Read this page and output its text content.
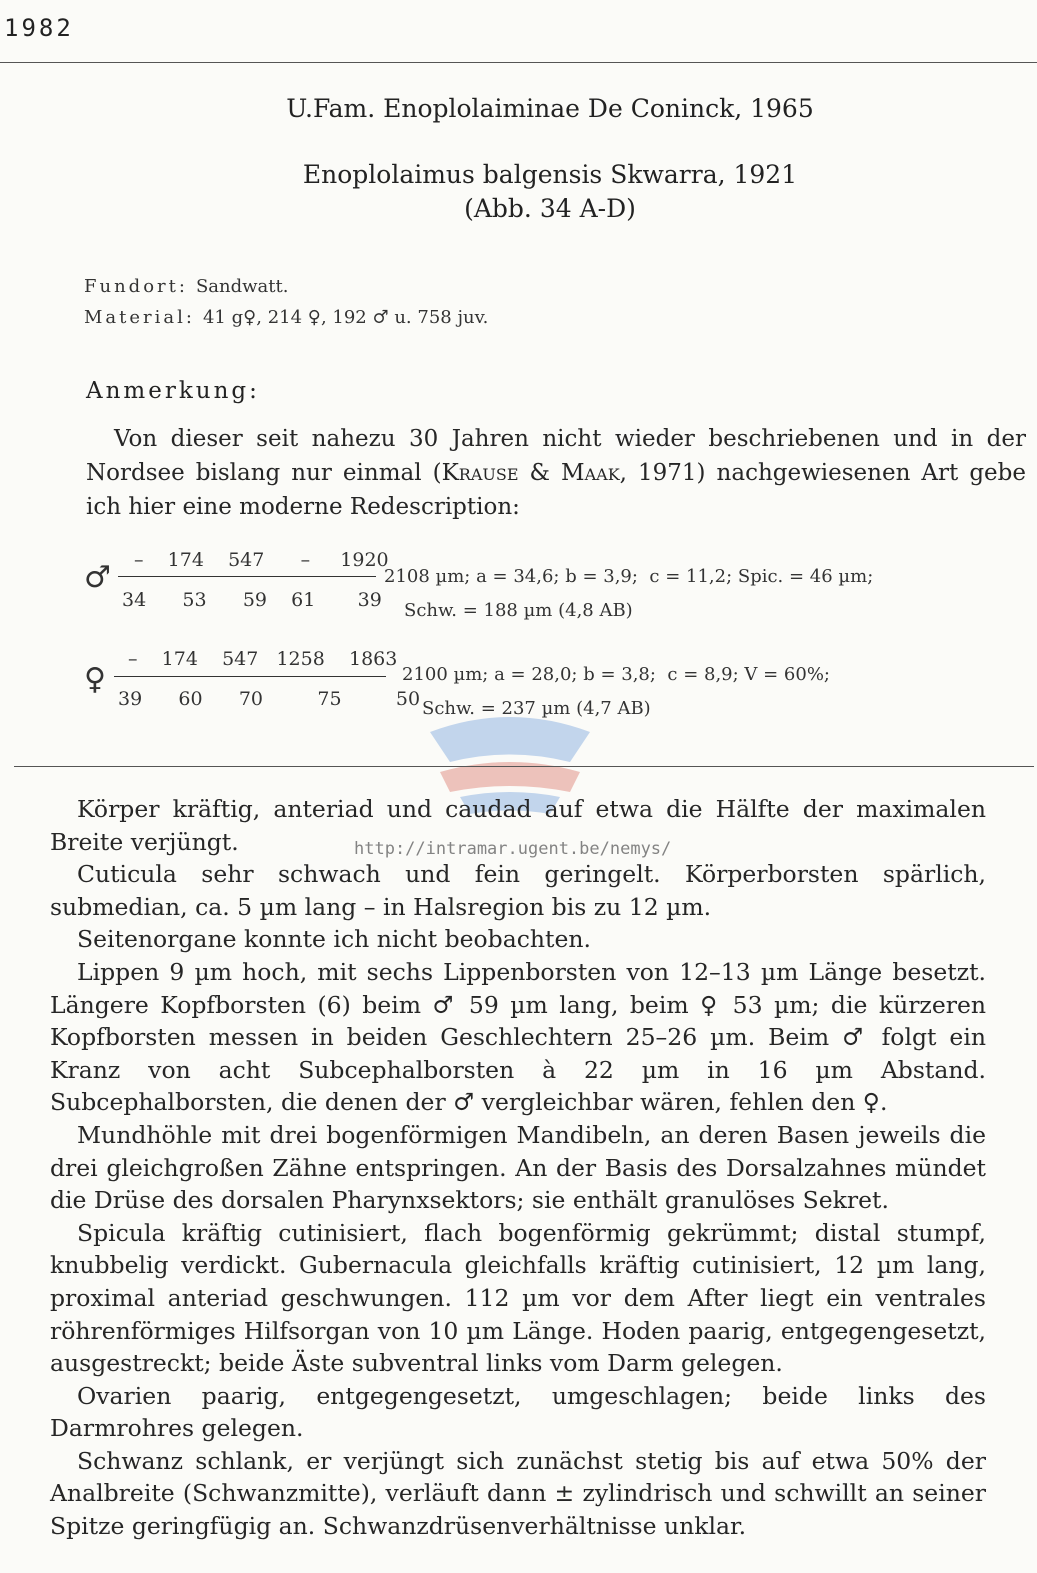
1982
U.Fam. Enoplolaiminae De Coninck, 1965
Enoplolaimus balgensis Skwarra, 1921
(Abb. 34 A-D)
Fundort: Sandwatt.
Material: 41 g♀, 214 ♀, 192 ♂ u. 758 juv.
Anmerkung:
Von dieser seit nahezu 30 Jahren nicht wieder beschriebenen und in der Nordsee bislang nur einmal (Krause & Maak, 1971) nachgewiesenen Art gebe ich hier eine moderne Redescription:
♂ –    174    547      –     1920
34      53      59    61       39
2108 µm; a = 34,6; b = 3,9;  c = 11,2; Spic. = 46 µm;
Schw. = 188 µm (4,8 AB)
♀
–    174    547   1258    1863
39      60      70         75         50
2100 µm; a = 28,0; b = 3,8;  c = 8,9; V = 60%;
Schw. = 237 µm (4,7 AB)

Körper kräftig, anteriad und caudad auf etwa die Hälfte der maximalen Breite verjüngt.

Cuticula sehr schwach und fein geringelt. Körperborsten spärlich, submedian, ca. 5 µm lang – in Halsregion bis zu 12 µm.

Seitenorgane konnte ich nicht beobachten.

Lippen 9 µm hoch, mit sechs Lippenborsten von 12–13 µm Länge besetzt. Längere Kopfborsten (6) beim ♂ 59 µm lang, beim ♀ 53 µm; die kürzeren Kopfborsten messen in beiden Geschlechtern 25–26 µm. Beim ♂ folgt ein Kranz von acht Subcephalborsten à 22 µm in 16 µm Abstand. Subcephalborsten, die denen der ♂ vergleichbar wären, fehlen den ♀.

Mundhöhle mit drei bogenförmigen Mandibeln, an deren Basen jeweils die drei gleichgroßen Zähne entspringen. An der Basis des Dorsalzahnes mündet die Drüse des dorsalen Pharynxsektors; sie enthält granulöses Sekret.

Spicula kräftig cutinisiert, flach bogenförmig gekrümmt; distal stumpf, knubbelig verdickt. Gubernacula gleichfalls kräftig cutinisiert, 12 µm lang, proximal anteriad geschwungen. 112 µm vor dem After liegt ein ventrales röhrenförmiges Hilfsorgan von 10 µm Länge. Hoden paarig, entgegengesetzt, ausgestreckt; beide Äste subventral links vom Darm gelegen.

Ovarien paarig, entgegengesetzt, umgeschlagen; beide links des Darmrohres gelegen.

Schwanz schlank, er verjüngt sich zunächst stetig bis auf etwa 50% der Analbreite (Schwanzmitte), verläuft dann ± zylindrisch und schwillt an seiner Spitze geringfügig an. Schwanzdrüsenverhältnisse unklar.

http://intramar.ugent.be/nemys/
